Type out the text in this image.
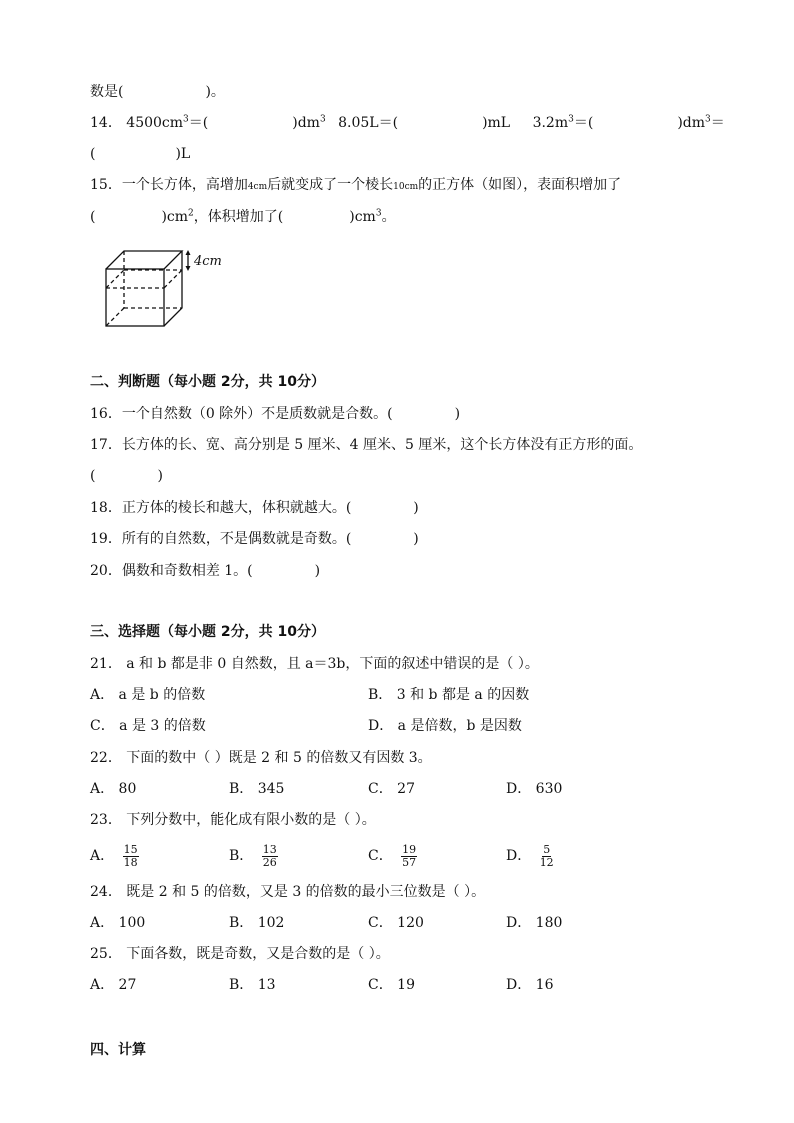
数是(	)。
14． $4500cm^3=$(	)$dm^3$ 8.05L＝(	)mL $3.2m^3=$(	)$dm^3=$
(	)L
15．一个长方体，高增加4cm后就变成了一个棱长10cm的正方体（如图），表面积增加了
(	)$cm^2$，体积增加了(	)$cm^3$。
4cm
二、判断题（每小题 2分，共 10分）
16．一个自然数（0 除外）不是质数就是合数。(	)
17．长方体的长、宽、高分别是 5 厘米、4 厘米、5 厘米，这个长方体没有正方形的面。
(	)
18．正方体的棱长和越大，体积就越大。(	)
19．所有的自然数，不是偶数就是奇数。(	)
20．偶数和奇数相差 1。(	)
三、选择题（每小题 2分，共 10分）
21． a 和 b 都是非 0 自然数，且 a＝3b，下面的叙述中错误的是（ ）。
A． a 是 b 的倍数	B． 3 和 b 都是 a 的因数
C． a 是 3 的倍数	D． a 是倍数，b 是因数
22． 下面的数中（ ）既是 2 和 5 的倍数又有因数 3。
A． 80	B． 345	C． 27	D． 630
23． 下列分数中，能化成有限小数的是（ ）。
A． $\frac{15}{18}$	B． $\frac{13}{26}$	C． $\frac{19}{57}$	D． $\frac{5}{12}$
24． 既是 2 和 5 的倍数，又是 3 的倍数的最小三位数是（ ）。
A． 100	B． 102	C． 120	D． 180
25． 下面各数，既是奇数，又是合数的是（ ）。
A． 27	B． 13	C． 19	D． 16
四、计算
